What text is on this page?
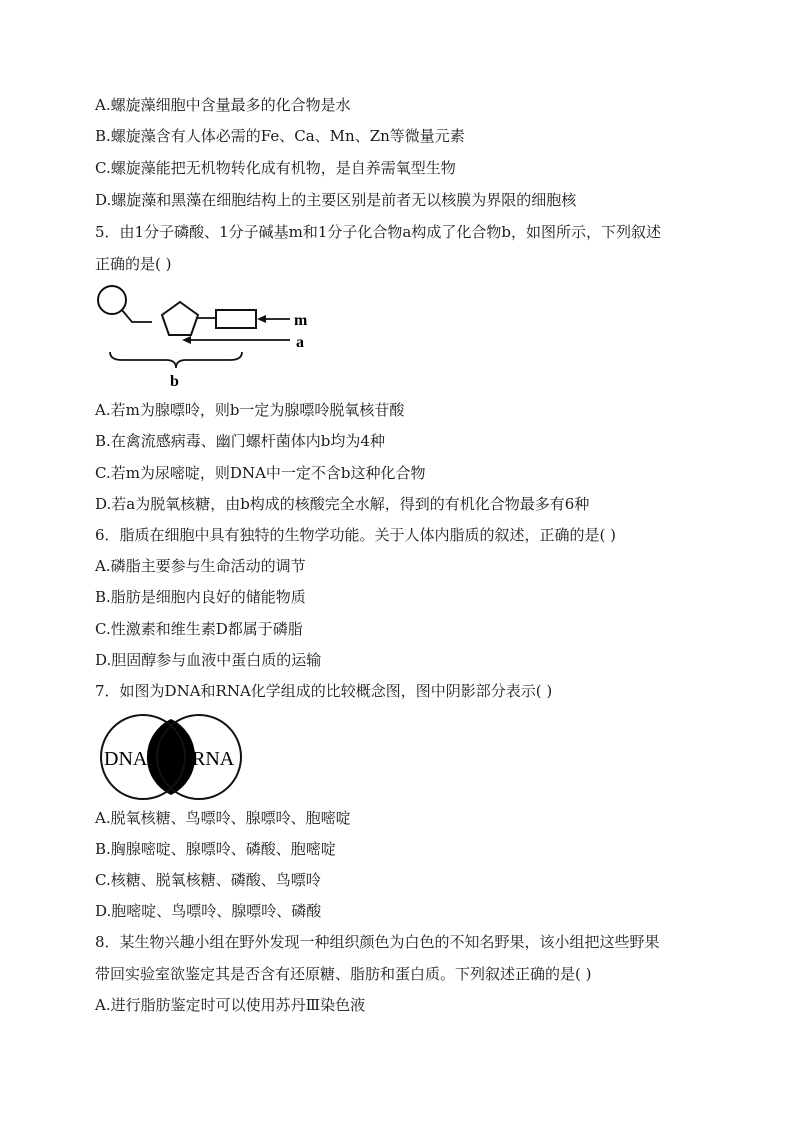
A.螺旋藻细胞中含量最多的化合物是水
B.螺旋藻含有人体必需的Fe、Ca、Mn、Zn等微量元素
C.螺旋藻能把无机物转化成有机物，是自养需氧型生物
D.螺旋藻和黑藻在细胞结构上的主要区别是前者无以核膜为界限的细胞核
5．由1分子磷酸、1分子碱基m和1分子化合物a构成了化合物b，如图所示，下列叙述
正确的是( )
m
a
b
A.若m为腺嘌呤，则b一定为腺嘌呤脱氧核苷酸
B.在禽流感病毒、幽门螺杆菌体内b均为4种
C.若m为尿嘧啶，则DNA中一定不含b这种化合物
D.若a为脱氧核糖，由b构成的核酸完全水解，得到的有机化合物最多有6种
6．脂质在细胞中具有独特的生物学功能。关于人体内脂质的叙述，正确的是( )
A.磷脂主要参与生命活动的调节
B.脂肪是细胞内良好的储能物质
C.性激素和维生素D都属于磷脂
D.胆固醇参与血液中蛋白质的运输
7．如图为DNA和RNA化学组成的比较概念图，图中阴影部分表示( )
DNA RNA
A.脱氧核糖、鸟嘌呤、腺嘌呤、胞嘧啶
B.胸腺嘧啶、腺嘌呤、磷酸、胞嘧啶
C.核糖、脱氧核糖、磷酸、鸟嘌呤
D.胞嘧啶、鸟嘌呤、腺嘌呤、磷酸
8．某生物兴趣小组在野外发现一种组织颜色为白色的不知名野果，该小组把这些野果
带回实验室欲鉴定其是否含有还原糖、脂肪和蛋白质。下列叙述正确的是( )
A.进行脂肪鉴定时可以使用苏丹Ⅲ染色液
